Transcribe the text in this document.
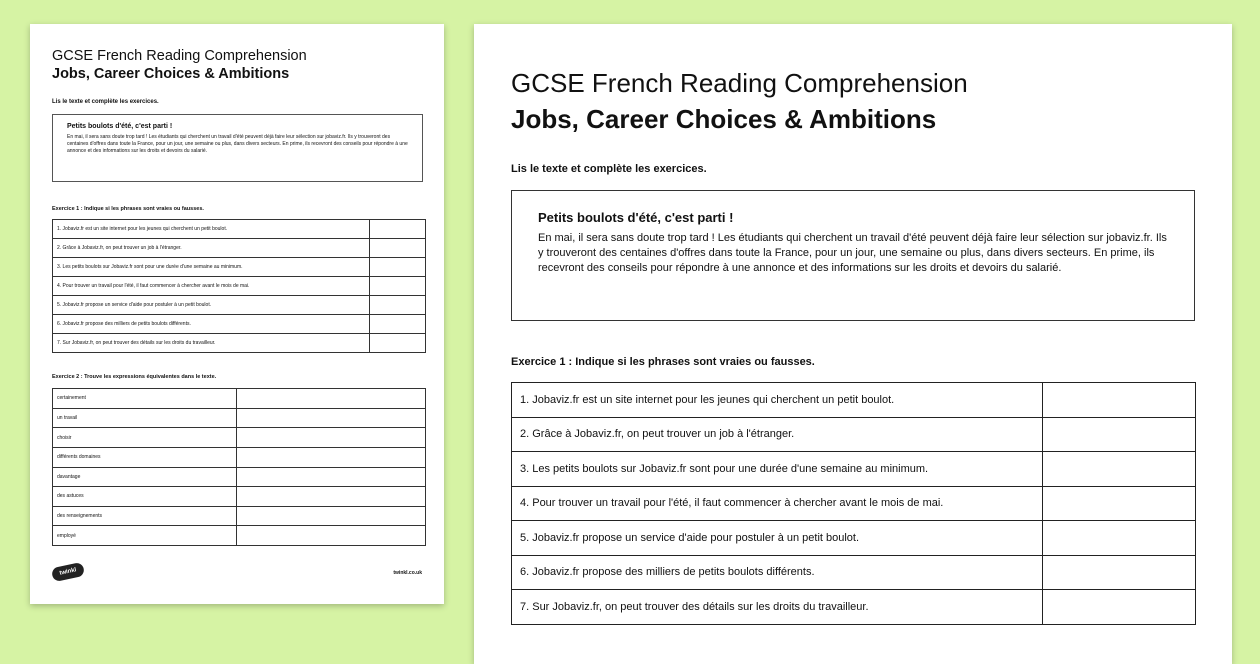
GCSE French Reading Comprehension
Jobs, Career Choices & Ambitions
Lis le texte et complète les exercices.
Petits boulots d'été, c'est parti !
En mai, il sera sans doute trop tard ! Les étudiants qui cherchent un travail d'été peuvent déjà faire leur sélection sur jobaviz.fr. Ils y trouveront des centaines d'offres dans toute la France, pour un jour, une semaine ou plus, dans divers secteurs. En prime, ils recevront des conseils pour répondre à une annonce et des informations sur les droits et devoirs du salarié.
Exercice 1 : Indique si les phrases sont vraies ou fausses.
1. Jobaviz.fr est un site internet pour les jeunes qui cherchent un petit boulot.	
2. Grâce à Jobaviz.fr, on peut trouver un job à l'étranger.	
3. Les petits boulots sur Jobaviz.fr sont pour une durée d'une semaine au minimum.	
4. Pour trouver un travail pour l'été, il faut commencer à chercher avant le mois de mai.	
5. Jobaviz.fr propose un service d'aide pour postuler à un petit boulot.	
6. Jobaviz.fr propose des milliers de petits boulots différents.	
7. Sur Jobaviz.fr, on peut trouver des détails sur les droits du travailleur.	
Exercice 2 : Trouve les expressions équivalentes dans le texte.
certainement	
un travail	
choisir	
différents domaines	
davantage	
des astuces	
des renseignements	
employé	
twinkl	twinkl.co.uk
GCSE French Reading Comprehension
Jobs, Career Choices & Ambitions
Lis le texte et complète les exercices.
Petits boulots d'été, c'est parti !
En mai, il sera sans doute trop tard ! Les étudiants qui cherchent un travail d'été peuvent déjà faire leur sélection sur jobaviz.fr. Ils y trouveront des centaines d'offres dans toute la France, pour un jour, une semaine ou plus, dans divers secteurs. En prime, ils recevront des conseils pour répondre à une annonce et des informations sur les droits et devoirs du salarié.
Exercice 1 : Indique si les phrases sont vraies ou fausses.
1. Jobaviz.fr est un site internet pour les jeunes qui cherchent un petit boulot.	
2. Grâce à Jobaviz.fr, on peut trouver un job à l'étranger.	
3. Les petits boulots sur Jobaviz.fr sont pour une durée d'une semaine au minimum.	
4. Pour trouver un travail pour l'été, il faut commencer à chercher avant le mois de mai.	
5. Jobaviz.fr propose un service d'aide pour postuler à un petit boulot.	
6. Jobaviz.fr propose des milliers de petits boulots différents.	
7. Sur Jobaviz.fr, on peut trouver des détails sur les droits du travailleur.	
